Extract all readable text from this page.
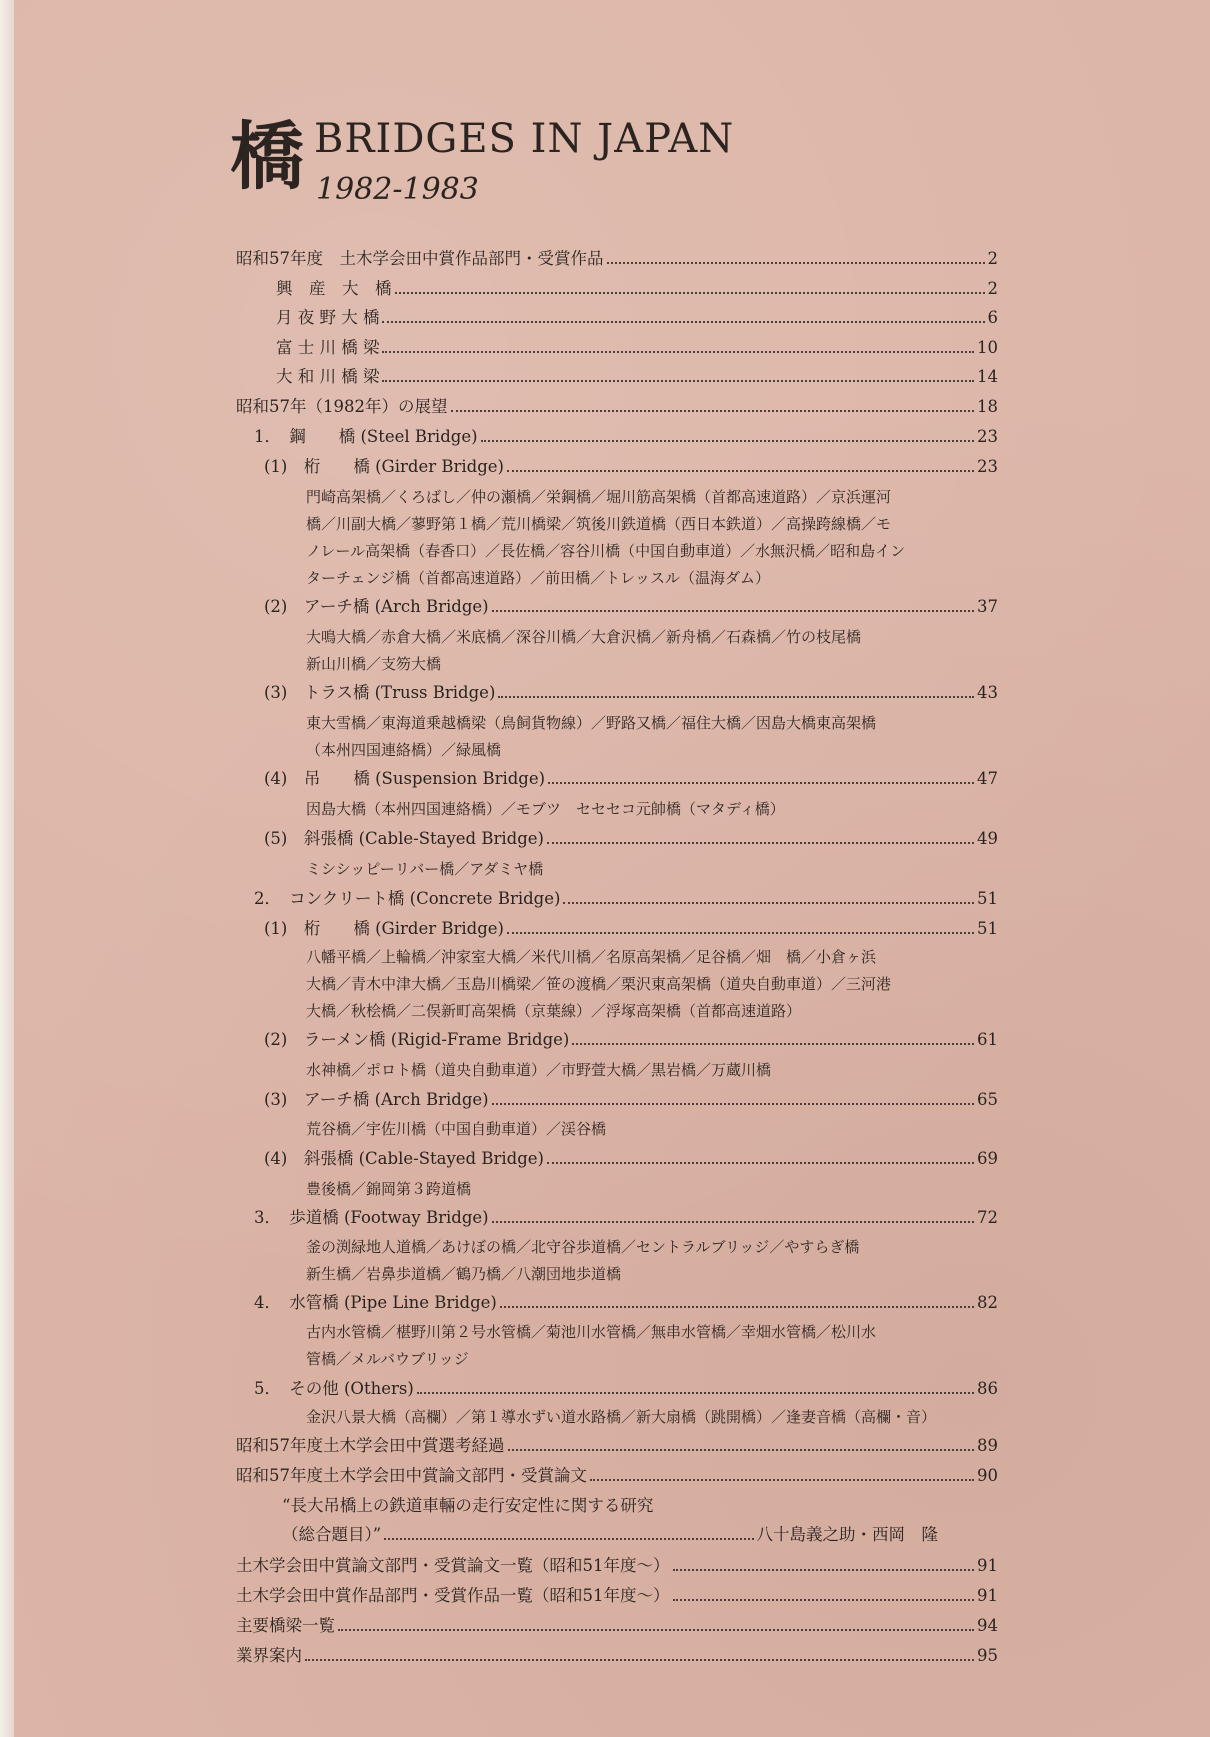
橋 BRIDGES IN JAPAN
1982-1983
昭和57年度　土木学会田中賞作品部門・受賞作品	2
興　産　大　橋	2
月 夜 野 大 橋	6
富 士 川 橋 梁	10
大 和 川 橋 梁	14
昭和57年（1982年）の展望	18
1．　鋼　　橋 (Steel Bridge)	23
(1)　桁　　橋 (Girder Bridge)	23
門崎高架橋／くろばし／仲の瀬橋／栄鋼橋／堀川筋高架橋（首都高速道路）／京浜運河
橋／川副大橋／蓼野第１橋／荒川橋梁／筑後川鉄道橋（西日本鉄道）／高操跨線橋／モ
ノレール高架橋（春香口）／長佐橋／容谷川橋（中国自動車道）／水無沢橋／昭和島イン
ターチェンジ橋（首都高速道路）／前田橋／トレッスル（温海ダム）
(2)　アーチ橋 (Arch Bridge)	37
大鳴大橋／赤倉大橋／米底橋／深谷川橋／大倉沢橋／新舟橋／石森橋／竹の枝尾橋
新山川橋／支笏大橋
(3)　トラス橋 (Truss Bridge)	43
東大雪橋／東海道乗越橋梁（鳥飼貨物線）／野路又橋／福住大橋／因島大橋東高架橋
（本州四国連絡橋）／緑風橋
(4)　吊　　橋 (Suspension Bridge)	47
因島大橋（本州四国連絡橋）／モブツ　セセセコ元帥橋（マタディ橋）
(5)　斜張橋 (Cable-Stayed Bridge)	49
ミシシッピーリバー橋／アダミヤ橋
2．　コンクリート橋 (Concrete Bridge)	51
(1)　桁　　橋 (Girder Bridge)	51
八幡平橋／上輪橋／沖家室大橋／米代川橋／名原高架橋／足谷橋／畑　橋／小倉ヶ浜
大橋／青木中津大橋／玉島川橋梁／笹の渡橋／栗沢東高架橋（道央自動車道）／三河港
大橋／秋桧橋／二俣新町高架橋（京葉線）／浮塚高架橋（首都高速道路）
(2)　ラーメン橋 (Rigid-Frame Bridge)	61
水神橋／ポロト橋（道央自動車道）／市野萱大橋／黒岩橋／万蔵川橋
(3)　アーチ橋 (Arch Bridge)	65
荒谷橋／宇佐川橋（中国自動車道）／渓谷橋
(4)　斜張橋 (Cable-Stayed Bridge)	69
豊後橋／錦岡第３跨道橋
3．　歩道橋 (Footway Bridge)	72
釜の渕緑地人道橋／あけぼの橋／北守谷歩道橋／セントラルブリッジ／やすらぎ橋
新生橋／岩鼻歩道橋／鶴乃橋／八潮団地歩道橋
4．　水管橋 (Pipe Line Bridge)	82
古内水管橋／椹野川第２号水管橋／菊池川水管橋／無串水管橋／幸畑水管橋／松川水
管橋／メルバウブリッジ
5．　その他 (Others)	86
金沢八景大橋（高欄）／第１導水ずい道水路橋／新大扇橋（跳開橋）／逢妻音橋（高欄・音）
昭和57年度土木学会田中賞選考経過	89
昭和57年度土木学会田中賞論文部門・受賞論文	90
“長大吊橋上の鉄道車輛の走行安定性に関する研究
（総合題目）”	八十島義之助・西岡　隆
土木学会田中賞論文部門・受賞論文一覧（昭和51年度～）	91
土木学会田中賞作品部門・受賞作品一覧（昭和51年度～）	91
主要橋梁一覧	94
業界案内	95
